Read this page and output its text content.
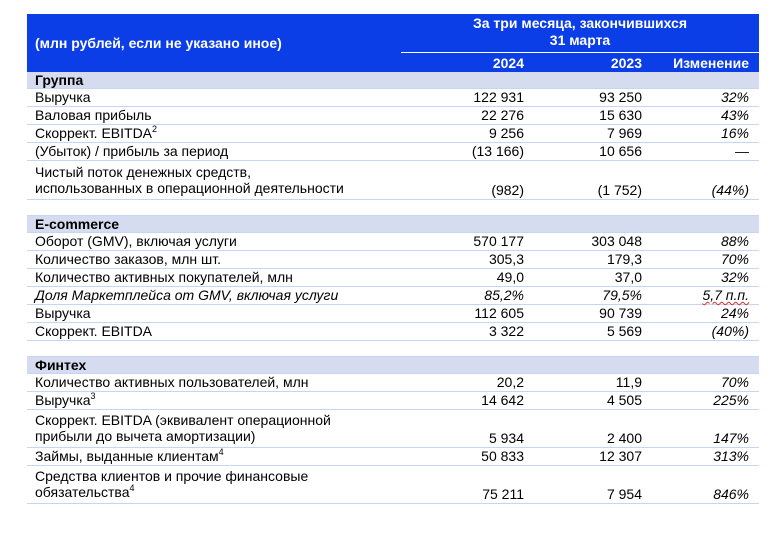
(млн рублей, если не указано иное)
За три месяца, закончившихся
31 марта
2024	2023 Изменение
Группа
Выручка	122 931	93 250	32%
Валовая прибыль	22 276	15 630	43%
Скоррект. EBITDA$^2$	9 256	7 969	16%
(Убыток) / прибыль за период	(13 166)	10 656	—
Чистый поток денежных средств,
использованных в операционной деятельности	(982)	(1 752)	(44%)
E-commerce
Оборот (GMV), включая услуги	570 177	303 048	88%
Количество заказов, млн шт.	305,3	179,3	70%
Количество активных покупателей, млн	49,0	37,0	32%
Доля Маркетплейса от GMV, включая услуги	85,2%	79,5%	5,7 п.п.
Выручка	112 605	90 739	24%
Скоррект. EBITDA	3 322	5 569	(40%)
Финтех
Количество активных пользователей, млн	20,2	11,9	70%
Выручка$^3$	14 642	4 505	225%
Скоррект. EBITDA (эквивалент операционной
прибыли до вычета амортизации)	5 934	2 400	147%
Займы, выданные клиентам$^4$	50 833	12 307	313%
Средства клиентов и прочие финансовые
обязательства$^4$	75 211	7 954	846%
